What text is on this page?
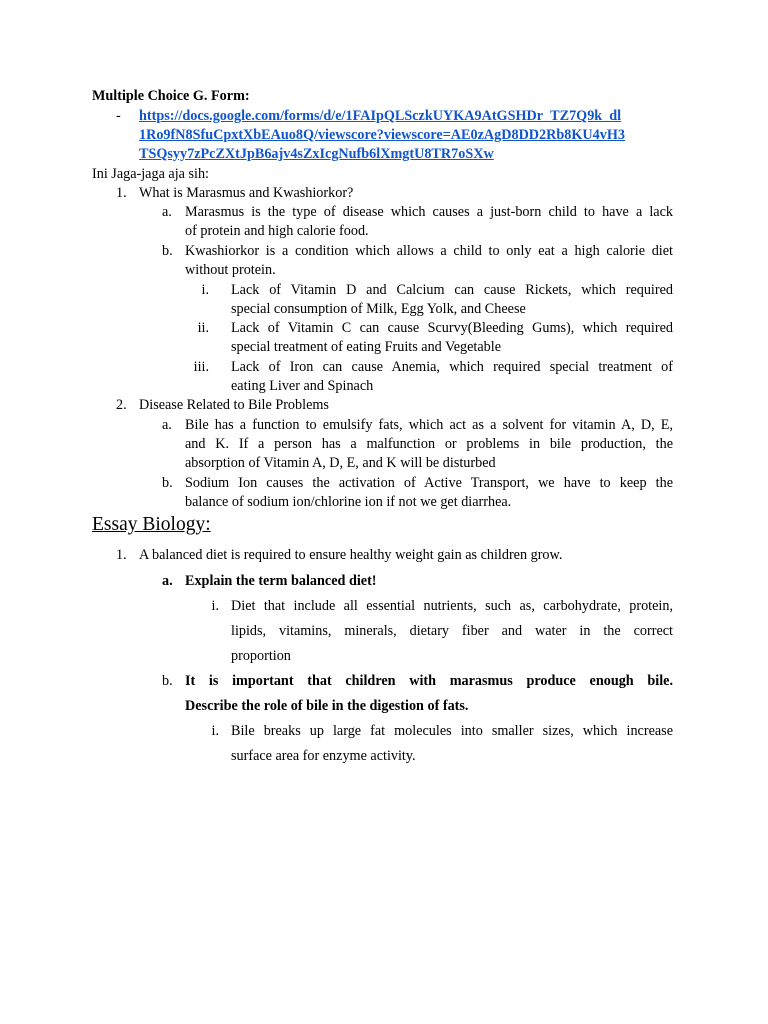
Multiple Choice G. Form:
- https://docs.google.com/forms/d/e/1FAIpQLSczkUYKA9AtGSHDr_TZ7Q9k_dl
1Ro9fN8SfuCpxtXbEAuo8Q/viewscore?viewscore=AE0zAgD8DD2Rb8KU4vH3
TSQsyy7zPcZXtJpB6ajv4sZxIcgNufb6lXmgtU8TR7oSXw
Ini Jaga-jaga aja sih:
1. What is Marasmus and Kwashiorkor?
a. Marasmus is the type of disease which causes a just-born child to have a lack
of protein and high calorie food.
b. Kwashiorkor is a condition which allows a child to only eat a high calorie diet
without protein.
i. Lack of Vitamin D and Calcium can cause Rickets, which required
special consumption of Milk, Egg Yolk, and Cheese
ii. Lack of Vitamin C can cause Scurvy(Bleeding Gums), which required
special treatment of eating Fruits and Vegetable
iii. Lack of Iron can cause Anemia, which required special treatment of
eating Liver and Spinach
2. Disease Related to Bile Problems
a. Bile has a function to emulsify fats, which act as a solvent for vitamin A, D, E,
and K. If a person has a malfunction or problems in bile production, the
absorption of Vitamin A, D, E, and K will be disturbed
b. Sodium Ion causes the activation of Active Transport, we have to keep the
balance of sodium ion/chlorine ion if not we get diarrhea.
Essay Biology:
1. A balanced diet is required to ensure healthy weight gain as children grow.
a. Explain the term balanced diet!
i. Diet that include all essential nutrients, such as, carbohydrate, protein,
lipids, vitamins, minerals, dietary fiber and water in the correct
proportion
b. It is important that children with marasmus produce enough bile.
Describe the role of bile in the digestion of fats.
i. Bile breaks up large fat molecules into smaller sizes, which increase
surface area for enzyme activity.
